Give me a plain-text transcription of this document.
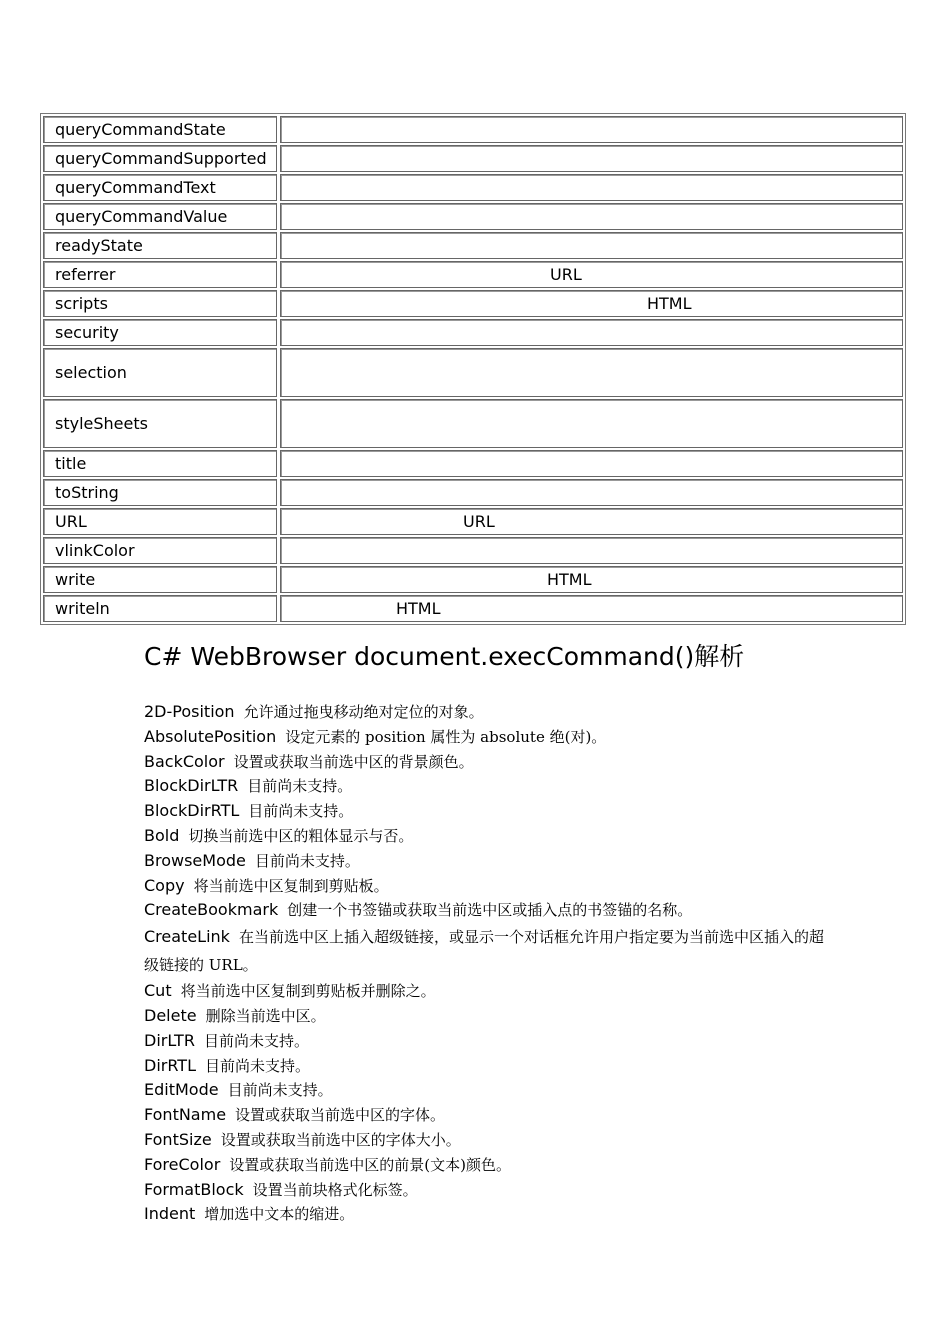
queryCommandState
queryCommandSupported
queryCommandText
queryCommandValue
readyState
referrer	URL
scripts	HTML
security
selection
styleSheets
title
toString
URL	URL
vlinkColor
write	HTML
writeln	HTML
C# WebBrowser document.execCommand()解析
2D-Position 允许通过拖曳移动绝对定位的对象。
AbsolutePosition 设定元素的 position 属性为 absolute 绝(对)。
BackColor 设置或获取当前选中区的背景颜色。
BlockDirLTR 目前尚未支持。
BlockDirRTL 目前尚未支持。
Bold 切换当前选中区的粗体显示与否。
BrowseMode 目前尚未支持。
Copy 将当前选中区复制到剪贴板。
CreateBookmark 创建一个书签锚或获取当前选中区或插入点的书签锚的名称。
CreateLink 在当前选中区上插入超级链接，或显示一个对话框允许用户指定要为当前选中区插入的超级链接的 URL。
Cut 将当前选中区复制到剪贴板并删除之。
Delete 删除当前选中区。
DirLTR 目前尚未支持。
DirRTL 目前尚未支持。
EditMode 目前尚未支持。
FontName 设置或获取当前选中区的字体。
FontSize 设置或获取当前选中区的字体大小。
ForeColor 设置或获取当前选中区的前景(文本)颜色。
FormatBlock 设置当前块格式化标签。
Indent 增加选中文本的缩进。
